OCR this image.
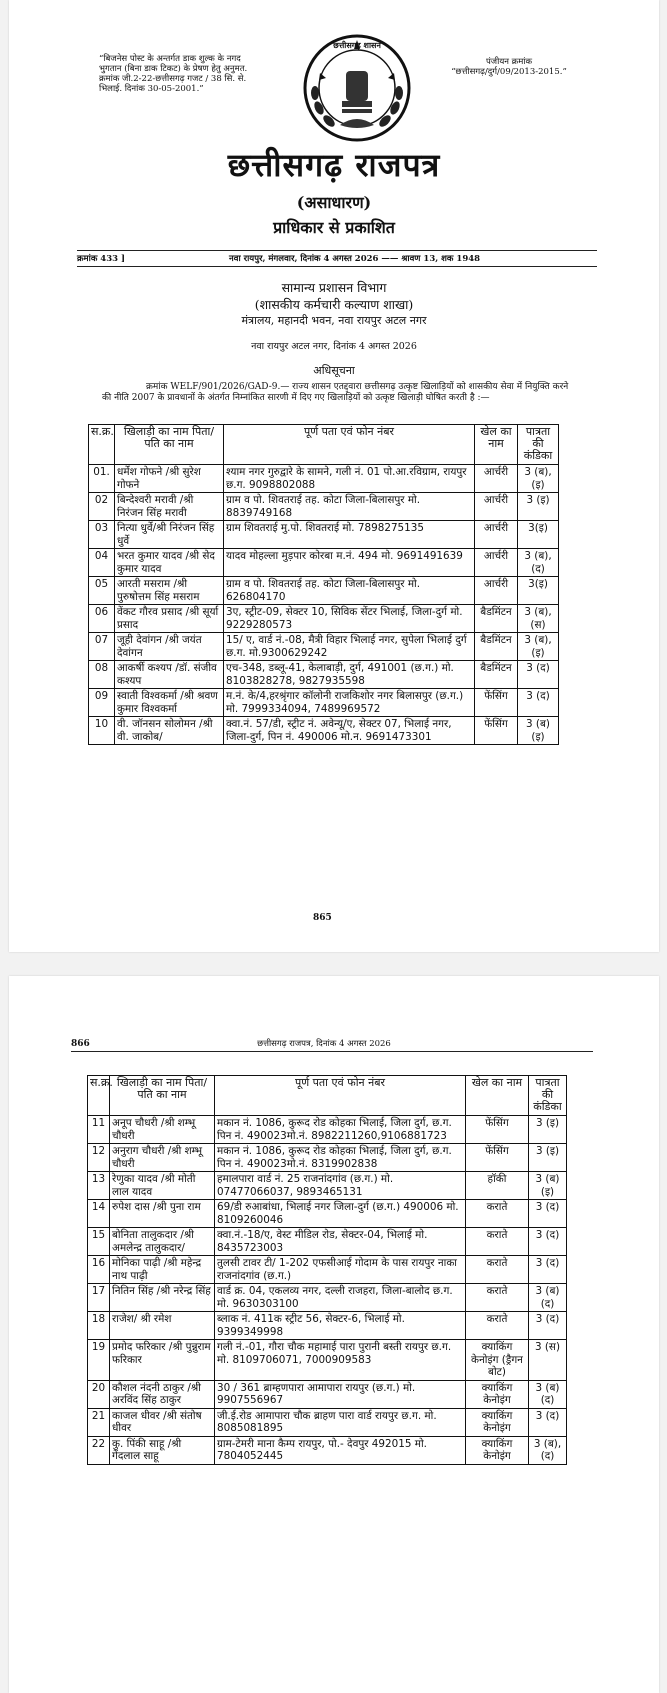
“बिजनेस पोस्ट के अन्तर्गत डाक शुल्क के नगद भुगतान (बिना डाक टिकट) के प्रेषण हेतु अनुमत. क्रमांक जी.2-22-छत्तीसगढ़ गजट / 38 सि. से. भिलाई. दिनांक 30-05-2001.”
पंजीयन क्रमांक
“छत्तीसगढ़/दुर्ग/09/2013-2015.”
छत्तीसगढ़ शासन
छत्तीसगढ़ राजपत्र
(असाधारण)
प्राधिकार से प्रकाशित
क्रमांक 433 ]	नवा रायपुर, मंगलवार, दिनांक 4 अगस्त 2026 —— श्रावण 13, शक 1948
सामान्य प्रशासन विभाग
(शासकीय कर्मचारी कल्याण शाखा)
मंत्रालय, महानदी भवन, नवा रायपुर अटल नगर
नवा रायपुर अटल नगर, दिनांक 4 अगस्त 2026
अधिसूचना
क्रमांक WELF/901/2026/GAD-9.— राज्य शासन एतद्द्वारा छत्तीसगढ़ उत्कृष्ट खिलाड़ियों को शासकीय सेवा में नियुक्ति करने की नीति 2007 के प्रावधानों के अंतर्गत निम्नांकित सारणी में दिए गए खिलाड़ियों को उत्कृष्ट खिलाड़ी घोषित करती है :—
स.क्र.	खिलाड़ी का नाम पिता/पति का नाम	पूर्ण पता एवं फोन नंबर	खेल का नाम	पात्रता की कंडिका
01.	धर्मेश गोफने /श्री सुरेश गोफने	श्याम नगर गुरुद्वारे के सामने, गली नं. 01 पो.आ.रविग्राम, रायपुर छ.ग. 9098802088	आर्चरी	3 (ब), (इ)
02	बिन्देश्वरी मरावी /श्री निरंजन सिंह मरावी	ग्राम व पो. शिवतराई तह. कोटा जिला-बिलासपुर मो. 8839749168	आर्चरी	3 (इ)
03	नित्या धुर्वे/श्री निरंजन सिंह धुर्वे	ग्राम शिवतराई मु.पो. शिवतराई मो. 7898275135	आर्चरी	3(इ)
04	भरत कुमार यादव /श्री सेद कुमार यादव	यादव मोहल्ला मुड़पार कोरबा म.नं. 494 मो. 9691491639	आर्चरी	3 (ब), (द)
05	आरती मसराम /श्री पुरुषोत्तम सिंह मसराम	ग्राम व पो. शिवतराई तह. कोटा जिला-बिलासपुर मो. 626804170	आर्चरी	3(इ)
06	वेंकट गौरव प्रसाद /श्री सूर्या प्रसाद	3ए, स्ट्रीट-09, सेक्टर 10, सिविक सेंटर भिलाई, जिला-दुर्ग मो. 9229280573	बैडमिंटन	3 (ब), (स)
07	जूही देवांगन /श्री जयंत देवांगन	15/ ए, वार्ड नं.-08, मैत्री विहार भिलाई नगर, सुपेला भिलाई दुर्ग छ.ग. मो.9300629242	बैडमिंटन	3 (ब), (इ)
08	आकर्षी कश्यप /डॉ. संजीव कश्यप	एच-348, डब्लू-41, केलाबाड़ी, दुर्ग, 491001 (छ.ग.) मो. 8103828278, 9827935598	बैडमिंटन	3 (द)
09	स्वाती विश्वकर्मा /श्री श्रवण कुमार विश्वकर्मा	म.नं. के/4,हरश्रृंगार कॉलोनी राजकिशोर नगर बिलासपुर (छ.ग.) मो. 7999334094, 7489969572	फेंसिंग	3 (द)
10	वी. जॉनसन सोलोमन /श्री वी. जाकोब/	क्वा.नं. 57/डी, स्ट्रीट नं. अवेन्यू/ए, सेक्टर 07, भिलाई नगर, जिला-दुर्ग, पिन नं. 490006 मो.न. 9691473301	फेंसिंग	3 (ब) (इ)
865
866	छत्तीसगढ़ राजपत्र, दिनांक 4 अगस्त 2026
स.क्र.	खिलाड़ी का नाम पिता/पति का नाम	पूर्ण पता एवं फोन नंबर	खेल का नाम	पात्रता की कंडिका
11	अनूप चौधरी /श्री शम्भू चौधरी	मकान नं. 1086, कुरूद रोड कोहका भिलाई, जिला दुर्ग, छ.ग. पिन नं. 490023मो.नं. 8982211260,9106881723	फेंसिंग	3 (इ)
12	अनुराग चौधरी /श्री शम्भू चौधरी	मकान नं. 1086, कुरूद रोड कोहका भिलाई, जिला दुर्ग, छ.ग. पिन नं. 490023मो.नं. 8319902838	फेंसिंग	3 (इ)
13	रेणुका यादव /श्री मोती लाल यादव	हमालपारा वार्ड नं. 25 राजनांदगांव (छ.ग.) मो. 07477066037, 9893465131	हॉकी	3 (ब) (इ)
14	रुपेश दास /श्री पुना राम	69/डी रुआबांधा, भिलाई नगर जिला-दुर्ग (छ.ग.) 490006 मो. 8109260046	कराते	3 (द)
15	बोनिता तालुकदार /श्री अमलेन्द्र तालुकदार/	क्वा.नं.-18/ए, वेस्ट मीडिल रोड, सेक्टर-04, भिलाई मो. 8435723003	कराते	3 (द)
16	मोनिका पाढ़ी /श्री महेन्द्र नाथ पाढ़ी	तुलसी टावर टी/ 1-202 एफसीआई गोदाम के पास रायपुर नाका राजनांदगांव (छ.ग.)	कराते	3 (द)
17	नितिन सिंह /श्री नरेन्द्र सिंह	वार्ड क्र. 04, एकलव्य नगर, दल्ली राजहरा, जिला-बालोद छ.ग. मो. 9630303100	कराते	3 (ब) (द)
18	राजेश/ श्री रमेश	ब्लाक नं. 411क स्ट्रीट 56, सेक्टर-6, भिलाई मो. 9399349998	कराते	3 (द)
19	प्रमोद फरिकार /श्री पुन्नुराम फरिकार	गली नं.-01, गौरा चौक महामाई पारा पुरानी बस्ती रायपुर छ.ग. मो. 8109706071, 7000909583	क्याकिंग केनोइंग (ड्रैगन बोट)	3 (स)
20	कौशल नंदनी ठाकुर /श्री अरविंद सिंह ठाकुर	30 / 361 ब्राम्हणपारा आमापारा रायपुर (छ.ग.) मो. 9907556967	क्याकिंग केनोइंग	3 (ब) (द)
21	काजल धीवर /श्री संतोष धीवर	जी.ई.रोड आमापारा चौक ब्राहण पारा वार्ड रायपुर छ.ग. मो. 8085081895	क्याकिंग केनोइंग	3 (द)
22	कु. पिंकी साहू /श्री गेंदलाल साहू	ग्राम-टेमरी माना कैम्प रायपुर, पो.- देवपुर 492015 मो. 7804052445	क्याकिंग केनोइंग	3 (ब), (द)
